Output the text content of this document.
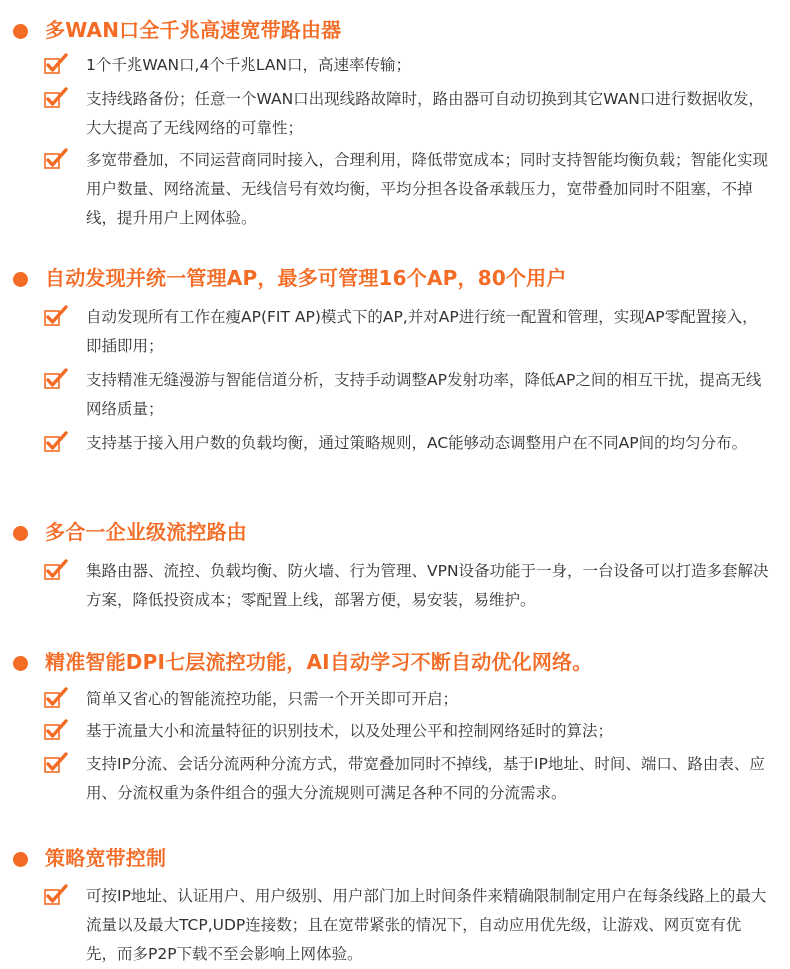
多WAN口全千兆高速宽带路由器
1个千兆WAN口,4个千兆LAN口，高速率传输；
支持线路备份；任意一个WAN口出现线路故障时，路由器可自动切换到其它WAN口进行数据收发，大大提高了无线网络的可靠性；
多宽带叠加，不同运营商同时接入，合理利用，降低带宽成本；同时支持智能均衡负载；智能化实现用户数量、网络流量、无线信号有效均衡，平均分担各设备承载压力，宽带叠加同时不阻塞，不掉线，提升用户上网体验。
自动发现并统一管理AP，最多可管理16个AP，80个用户
自动发现所有工作在瘦AP(FIT AP)模式下的AP,并对AP进行统一配置和管理，实现AP零配置接入，即插即用；
支持精准无缝漫游与智能信道分析，支持手动调整AP发射功率，降低AP之间的相互干扰，提高无线网络质量；
支持基于接入用户数的负载均衡，通过策略规则，AC能够动态调整用户在不同AP间的均匀分布。
多合一企业级流控路由
集路由器、流控、负载均衡、防火墙、行为管理、VPN设备功能于一身，一台设备可以打造多套解决方案，降低投资成本；零配置上线，部署方便，易安装，易维护。
精准智能DPI七层流控功能，AI自动学习不断自动优化网络。
简单又省心的智能流控功能，只需一个开关即可开启；
基于流量大小和流量特征的识别技术，以及处理公平和控制网络延时的算法；
支持IP分流、会话分流两种分流方式，带宽叠加同时不掉线，基于IP地址、时间、端口、路由表、应用、分流权重为条件组合的强大分流规则可满足各种不同的分流需求。
策略宽带控制
可按IP地址、认证用户、用户级别、用户部门加上时间条件来精确限制制定用户在每条线路上的最大流量以及最大TCP,UDP连接数；且在宽带紧张的情况下，自动应用优先级，让游戏、网页宽有优先，而多P2P下载不至会影响上网体验。
